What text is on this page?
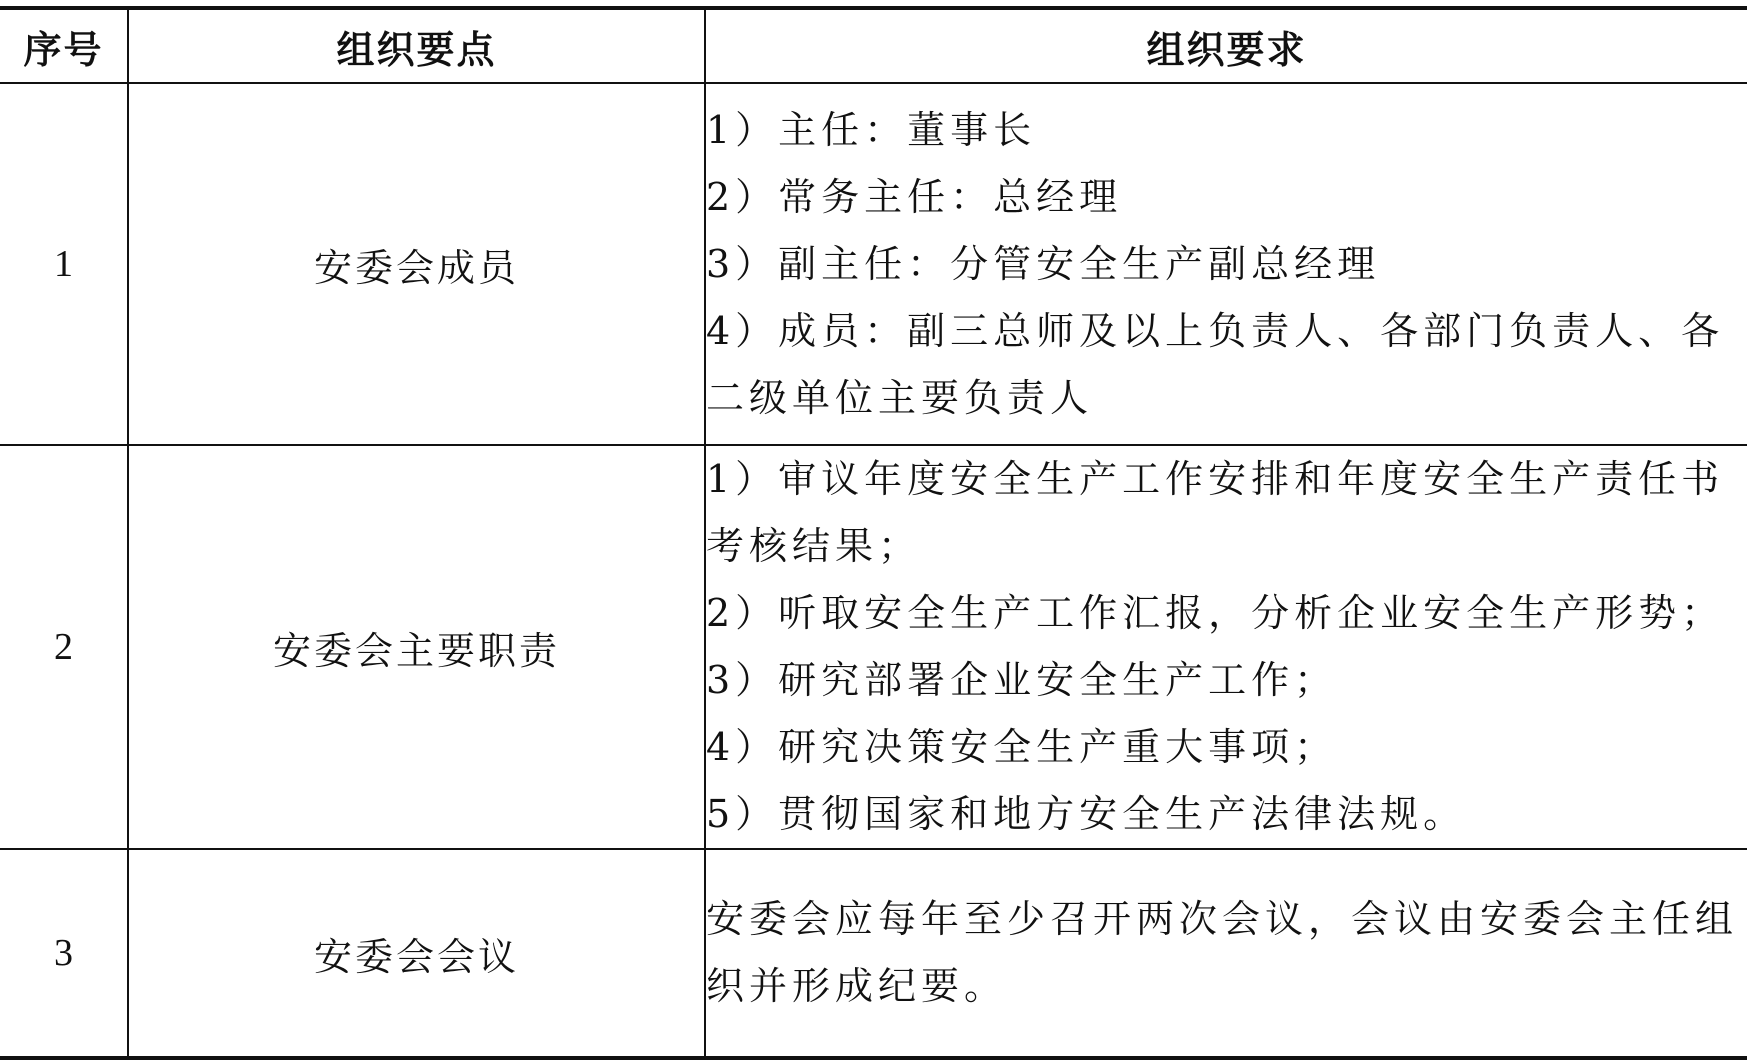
序号	组织要点	组织要求
1	安委会成员	1）主任：董事长
2）常务主任：总经理
3）副主任：分管安全生产副总经理
4）成员：副三总师及以上负责人、各部门负责人、各二级单位主要负责人

2	安委会主要职责	1）审议年度安全生产工作安排和年度安全生产责任书考核结果；
2）听取安全生产工作汇报，分析企业安全生产形势；
3）研究部署企业安全生产工作；
4）研究决策安全生产重大事项；
5）贯彻国家和地方安全生产法律法规。

3	安委会会议	安委会应每年至少召开两次会议，会议由安委会主任组织并形成纪要。
